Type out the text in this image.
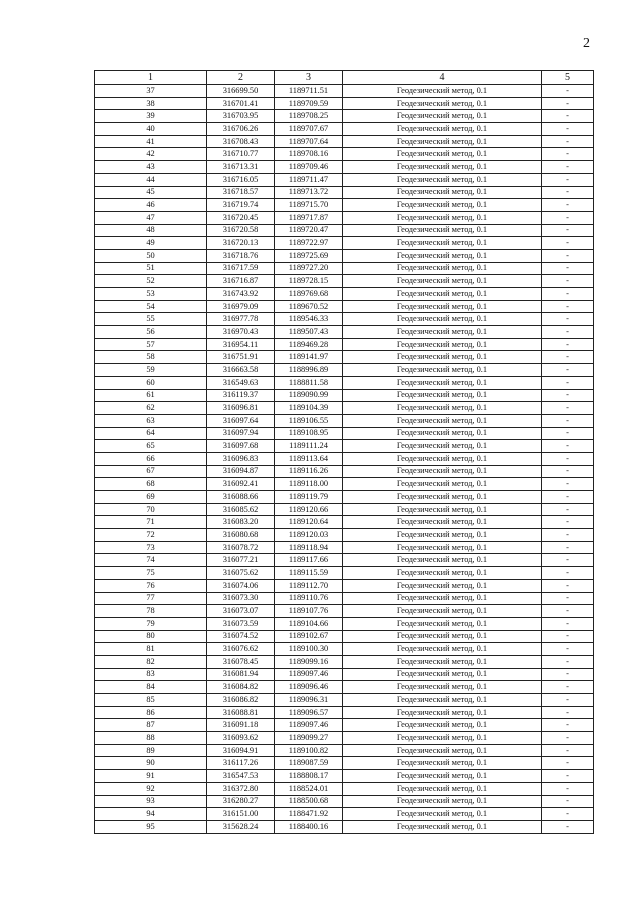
2
1	2	3	4	5
37	316699.50	1189711.51	Геодезический метод, 0.1	-
38	316701.41	1189709.59	Геодезический метод, 0.1	-
39	316703.95	1189708.25	Геодезический метод, 0.1	-
40	316706.26	1189707.67	Геодезический метод, 0.1	-
41	316708.43	1189707.64	Геодезический метод, 0.1	-
42	316710.77	1189708.16	Геодезический метод, 0.1	-
43	316713.31	1189709.46	Геодезический метод, 0.1	-
44	316716.05	1189711.47	Геодезический метод, 0.1	-
45	316718.57	1189713.72	Геодезический метод, 0.1	-
46	316719.74	1189715.70	Геодезический метод, 0.1	-
47	316720.45	1189717.87	Геодезический метод, 0.1	-
48	316720.58	1189720.47	Геодезический метод, 0.1	-
49	316720.13	1189722.97	Геодезический метод, 0.1	-
50	316718.76	1189725.69	Геодезический метод, 0.1	-
51	316717.59	1189727.20	Геодезический метод, 0.1	-
52	316716.87	1189728.15	Геодезический метод, 0.1	-
53	316743.92	1189769.68	Геодезический метод, 0.1	-
54	316979.09	1189670.52	Геодезический метод, 0.1	-
55	316977.78	1189546.33	Геодезический метод, 0.1	-
56	316970.43	1189507.43	Геодезический метод, 0.1	-
57	316954.11	1189469.28	Геодезический метод, 0.1	-
58	316751.91	1189141.97	Геодезический метод, 0.1	-
59	316663.58	1188996.89	Геодезический метод, 0.1	-
60	316549.63	1188811.58	Геодезический метод, 0.1	-
61	316119.37	1189090.99	Геодезический метод, 0.1	-
62	316096.81	1189104.39	Геодезический метод, 0.1	-
63	316097.64	1189106.55	Геодезический метод, 0.1	-
64	316097.94	1189108.95	Геодезический метод, 0.1	-
65	316097.68	1189111.24	Геодезический метод, 0.1	-
66	316096.83	1189113.64	Геодезический метод, 0.1	-
67	316094.87	1189116.26	Геодезический метод, 0.1	-
68	316092.41	1189118.00	Геодезический метод, 0.1	-
69	316088.66	1189119.79	Геодезический метод, 0.1	-
70	316085.62	1189120.66	Геодезический метод, 0.1	-
71	316083.20	1189120.64	Геодезический метод, 0.1	-
72	316080.68	1189120.03	Геодезический метод, 0.1	-
73	316078.72	1189118.94	Геодезический метод, 0.1	-
74	316077.21	1189117.66	Геодезический метод, 0.1	-
75	316075.62	1189115.59	Геодезический метод, 0.1	-
76	316074.06	1189112.70	Геодезический метод, 0.1	-
77	316073.30	1189110.76	Геодезический метод, 0.1	-
78	316073.07	1189107.76	Геодезический метод, 0.1	-
79	316073.59	1189104.66	Геодезический метод, 0.1	-
80	316074.52	1189102.67	Геодезический метод, 0.1	-
81	316076.62	1189100.30	Геодезический метод, 0.1	-
82	316078.45	1189099.16	Геодезический метод, 0.1	-
83	316081.94	1189097.46	Геодезический метод, 0.1	-
84	316084.82	1189096.46	Геодезический метод, 0.1	-
85	316086.82	1189096.31	Геодезический метод, 0.1	-
86	316088.81	1189096.57	Геодезический метод, 0.1	-
87	316091.18	1189097.46	Геодезический метод, 0.1	-
88	316093.62	1189099.27	Геодезический метод, 0.1	-
89	316094.91	1189100.82	Геодезический метод, 0.1	-
90	316117.26	1189087.59	Геодезический метод, 0.1	-
91	316547.53	1188808.17	Геодезический метод, 0.1	-
92	316372.80	1188524.01	Геодезический метод, 0.1	-
93	316280.27	1188500.68	Геодезический метод, 0.1	-
94	316151.00	1188471.92	Геодезический метод, 0.1	-
95	315628.24	1188400.16	Геодезический метод, 0.1	-
